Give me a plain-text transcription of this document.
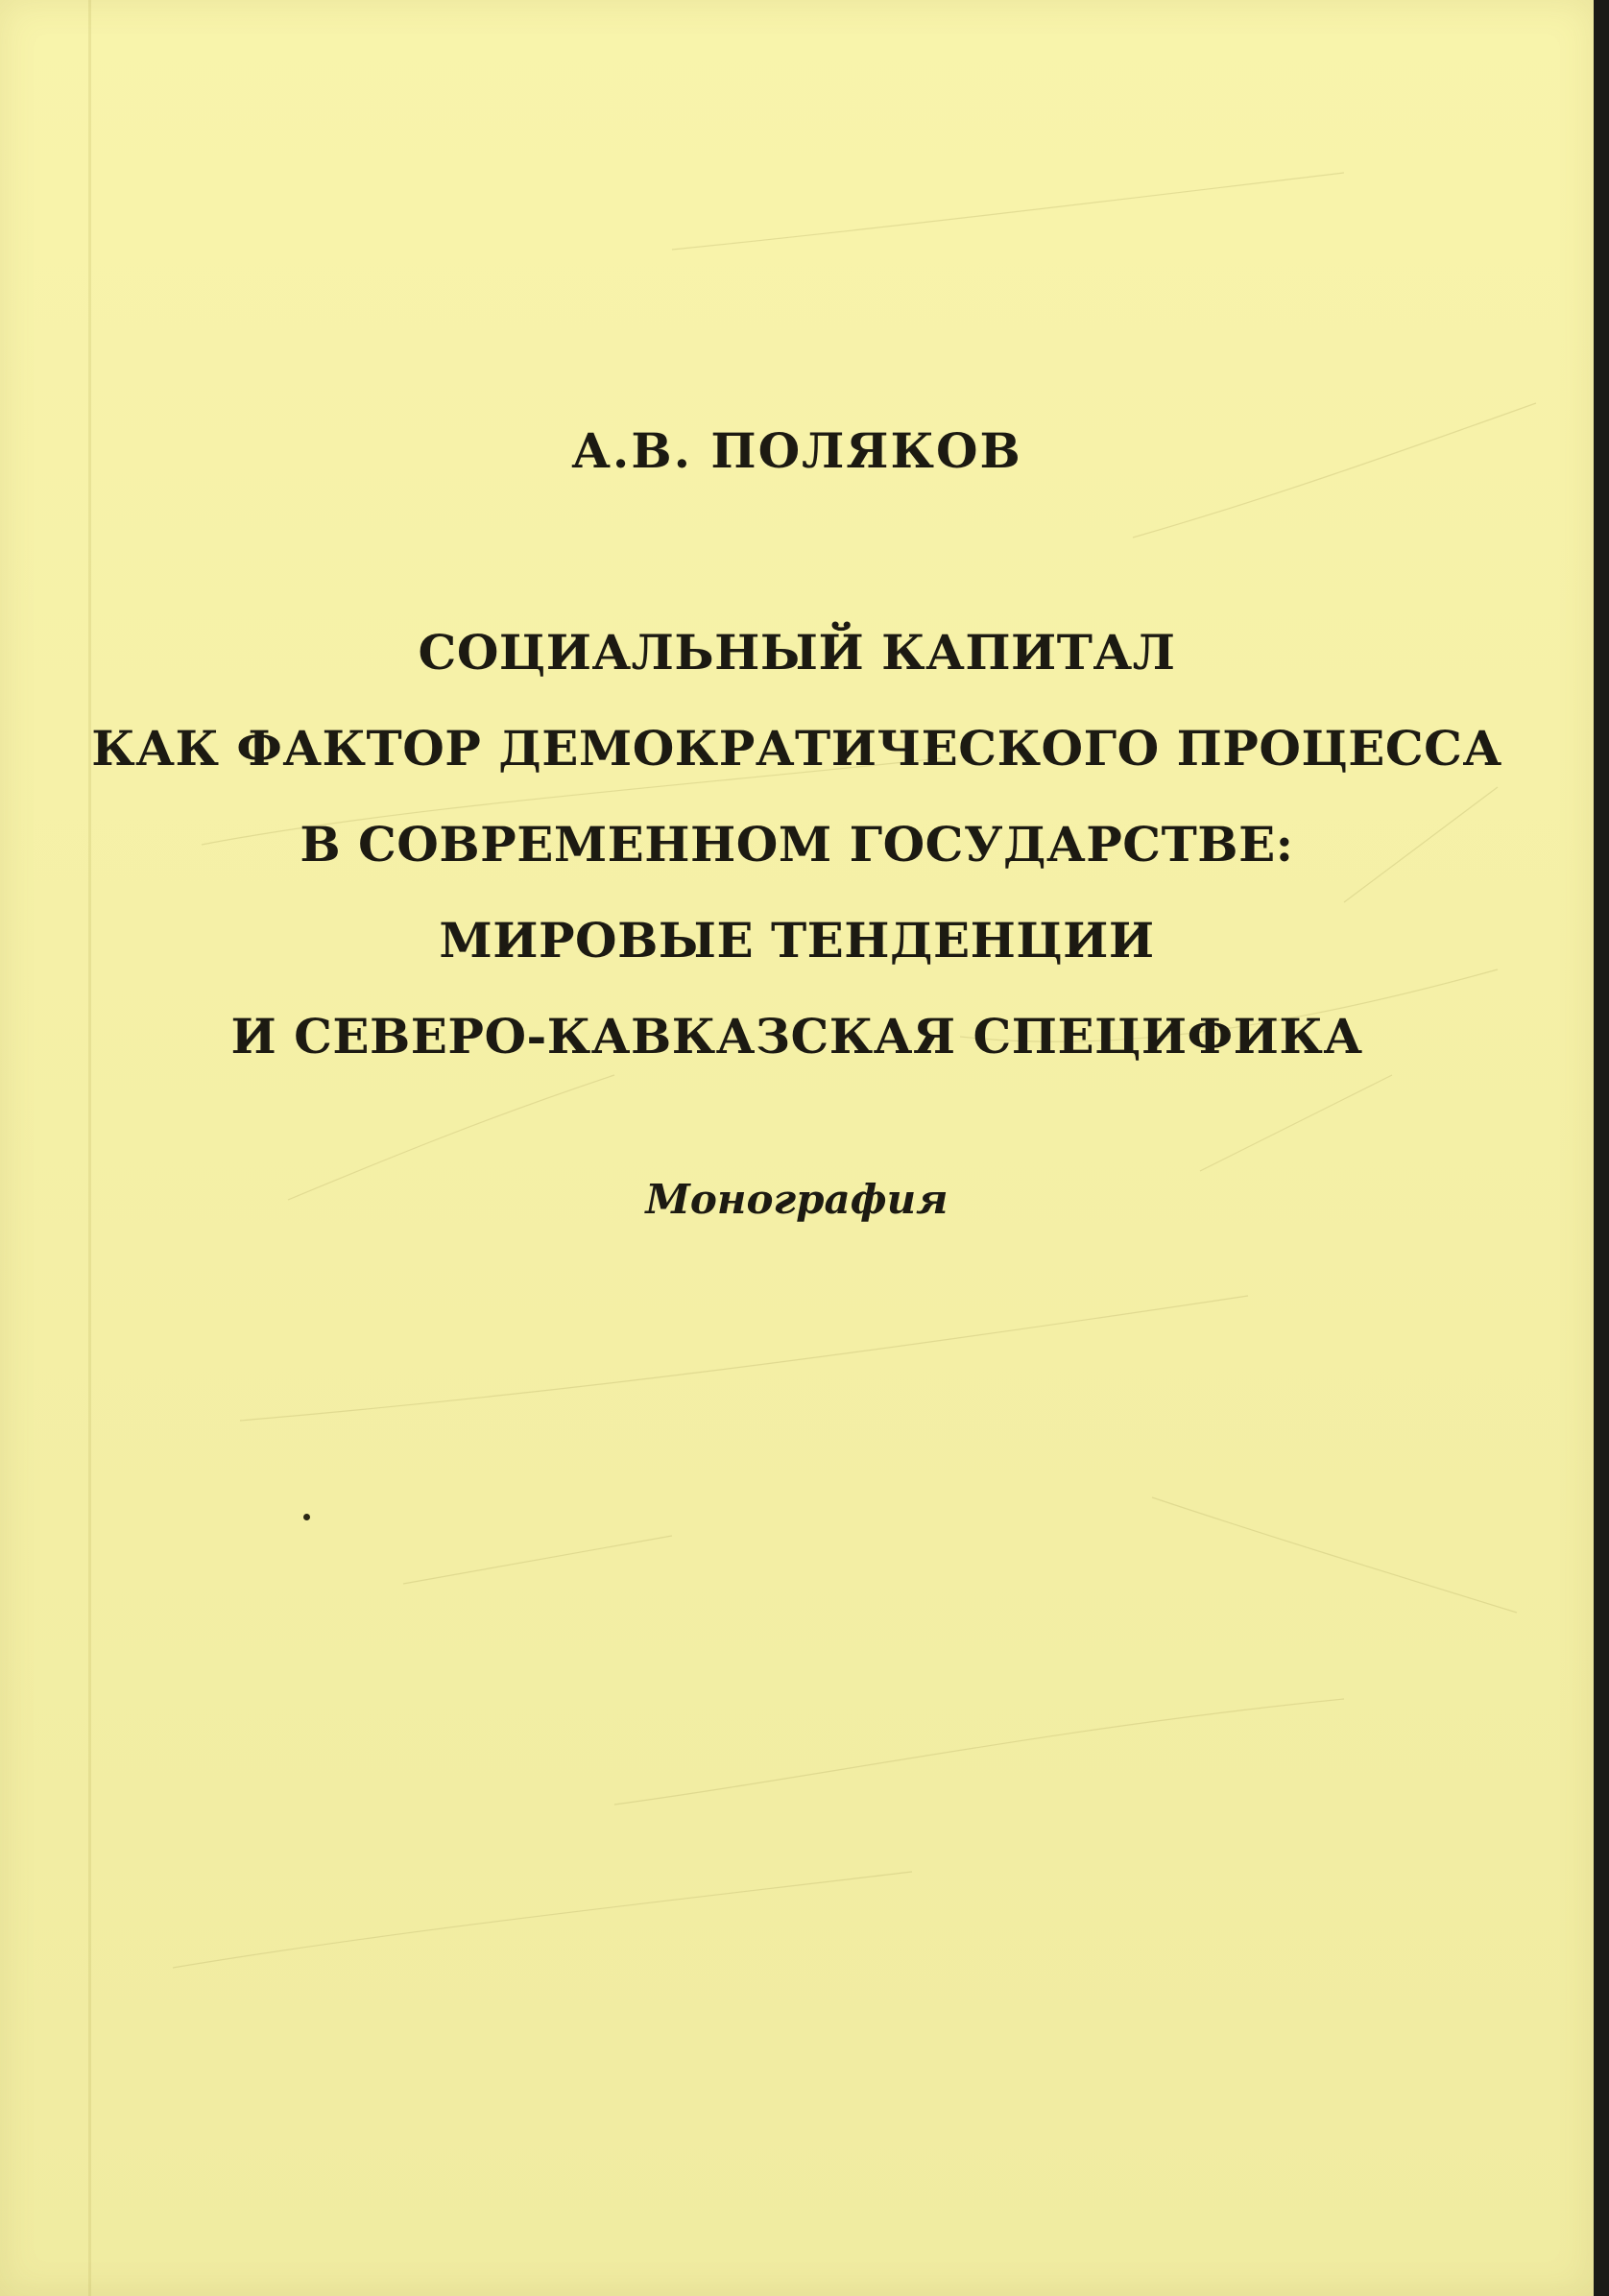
А.В. ПОЛЯКОВ
СОЦИАЛЬНЫЙ КАПИТАЛ
КАК ФАКТОР ДЕМОКРАТИЧЕСКОГО ПРОЦЕССА
В СОВРЕМЕННОМ ГОСУДАРСТВЕ:
МИРОВЫЕ ТЕНДЕНЦИИ
И СЕВЕРО-КАВКАЗСКАЯ СПЕЦИФИКА
Монография
